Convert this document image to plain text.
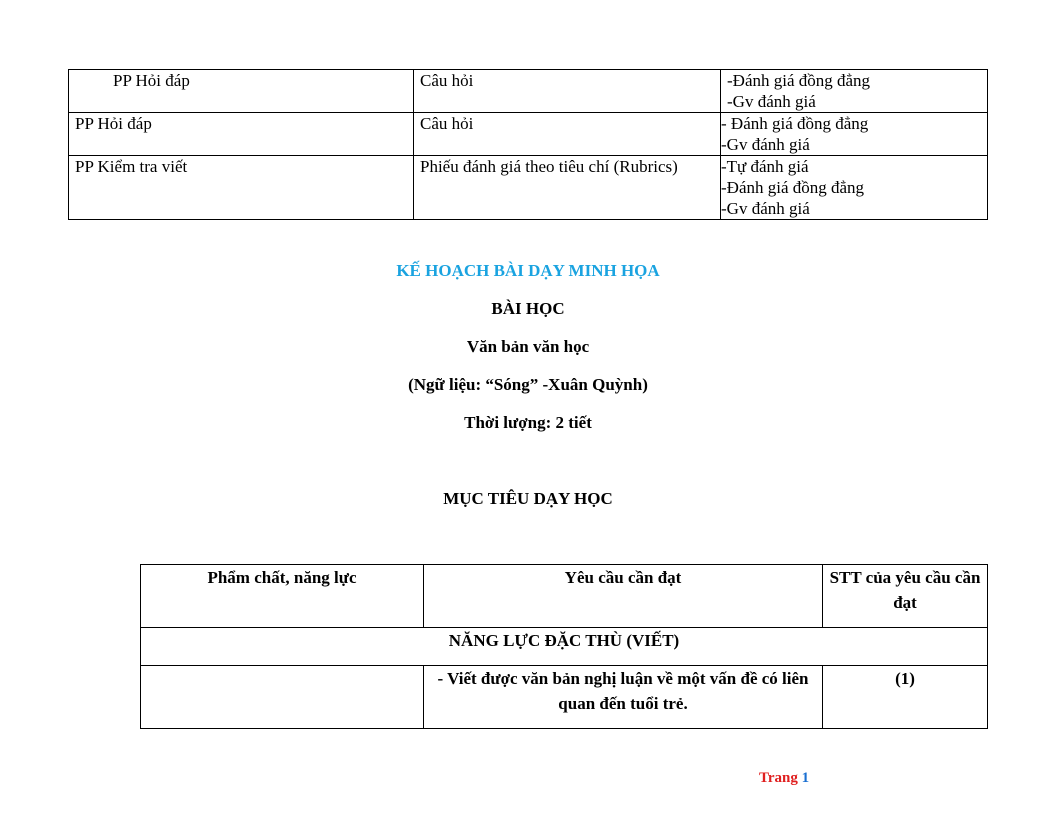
PP Hỏi đáp	Câu hỏi	-Đánh giá đồng đẳng
-Gv đánh giá

PP Hỏi đáp	Câu hỏi	- Đánh giá đồng đẳng
-Gv đánh giá

PP Kiểm tra viết	Phiếu đánh giá theo tiêu chí (Rubrics)	-Tự đánh giá
-Đánh giá đồng đẳng
-Gv đánh giá
KẾ HOẠCH BÀI DẠY MINH HỌA
BÀI HỌC
Văn bản văn học
(Ngữ liệu: “Sóng” -Xuân Quỳnh)
Thời lượng: 2 tiết
MỤC TIÊU DẠY HỌC
Phẩm chất, năng lực	Yêu cầu cần đạt	STT của yêu cầu cần đạt
NĂNG LỰC ĐẶC THÙ (VIẾT)		
	- Viết được văn bản nghị luận về một vấn đề có liên quan đến tuổi trẻ.	(1)
Trang 1
